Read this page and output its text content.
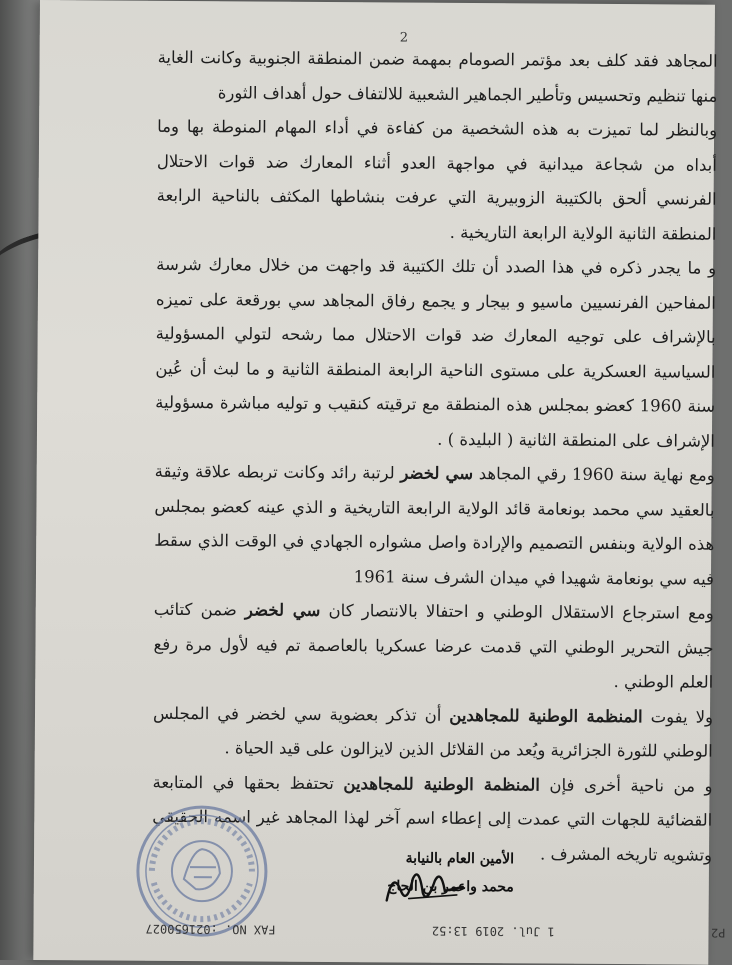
2

المجاهد فقد كلف بعد مؤتمر الصومام بمهمة ضمن المنطقة الجنوبية وكانت الغاية منها تنظيم وتحسيس وتأطير الجماهير الشعبية للالتفاف حول أهداف الثورة

وبالنظر لما تميزت به هذه الشخصية من كفاءة في أداء المهام المنوطة بها وما أبداه من شجاعة ميدانية في مواجهة العدو أثناء المعارك ضد قوات الاحتلال الفرنسي ألحق بالكتيبة الزوبيرية التي عرفت بنشاطها المكثف بالناحية الرابعة المنطقة الثانية الولاية الرابعة التاريخية .

و ما يجدر ذكره في هذا الصدد أن تلك الكتيبة قد واجهت من خلال معارك شرسة المفاحين الفرنسيين ماسيو و بيجار و يجمع رفاق المجاهد سي بورقعة على تميزه بالإشراف على توجيه المعارك ضد قوات الاحتلال مما رشحه لتولي المسؤولية السياسية العسكرية على مستوى الناحية الرابعة المنطقة الثانية و ما لبث أن عُين سنة 1960 كعضو بمجلس هذه المنطقة مع ترقيته كنقيب و توليه مباشرة مسؤولية الإشراف على المنطقة الثانية ( البليدة ) .

ومع نهاية سنة 1960 رقي المجاهد سي لخضر لرتبة رائد وكانت تربطه علاقة وثيقة بالعقيد سي محمد بونعامة قائد الولاية الرابعة التاريخية و الذي عينه كعضو بمجلس هذه الولاية وبنفس التصميم والإرادة واصل مشواره الجهادي في الوقت الذي سقط فيه سي بونعامة شهيدا في ميدان الشرف سنة 1961

ومع استرجاع الاستقلال الوطني و احتفالا بالانتصار كان سي لخضر ضمن كتائب جيش التحرير الوطني التي قدمت عرضا عسكريا بالعاصمة تم فيه لأول مرة رفع العلم الوطني .

ولا يفوت المنظمة الوطنية للمجاهدين أن تذكر بعضوية سي لخضر في المجلس الوطني للثورة الجزائرية ويُعد من القلائل الذين لايزالون على قيد الحياة .

و من ناحية أخرى فإن المنظمة الوطنية للمجاهدين تحتفظ بحقها في المتابعة القضائية للجهات التي عمدت إلى إعطاء اسم آخر لهذا المجاهد غير اسمه الحقيقي وتشويه تاريخه المشرف .

الأمين العام بالنيابة
محمد واعمر بن الحاج
P2
1 Jul. 2019 13:52
FAX NO. :021650027
